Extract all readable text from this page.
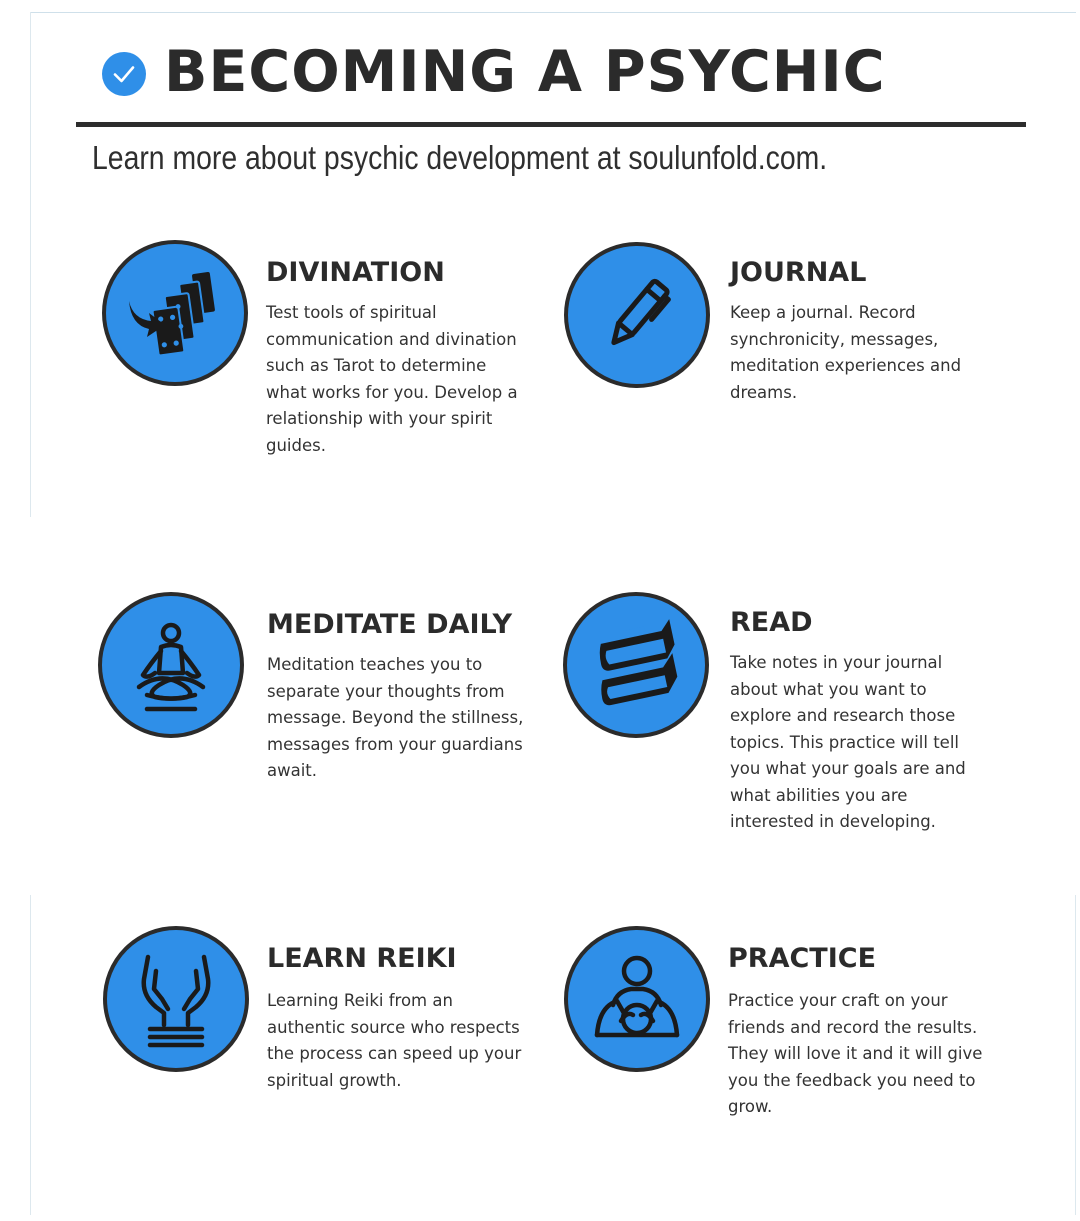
BECOMING A PSYCHIC

Learn more about psychic development at soulunfold.com.

DIVINATION

Test tools of spiritual communication and divination such as Tarot to determine what works for you. Develop a relationship with your spirit guides.

JOURNAL

Keep a journal. Record synchronicity, messages, meditation experiences and dreams.

MEDITATE DAILY

Meditation teaches you to separate your thoughts from message. Beyond the stillness, messages from your guardians await.

READ

Take notes in your journal about what you want to explore and research those topics. This practice will tell you what your goals are and what abilities you are interested in developing.

LEARN REIKI

Learning Reiki from an authentic source who respects the process can speed up your spiritual growth.

PRACTICE

Practice your craft on your friends and record the results. They will love it and it will give you the feedback you need to grow.
